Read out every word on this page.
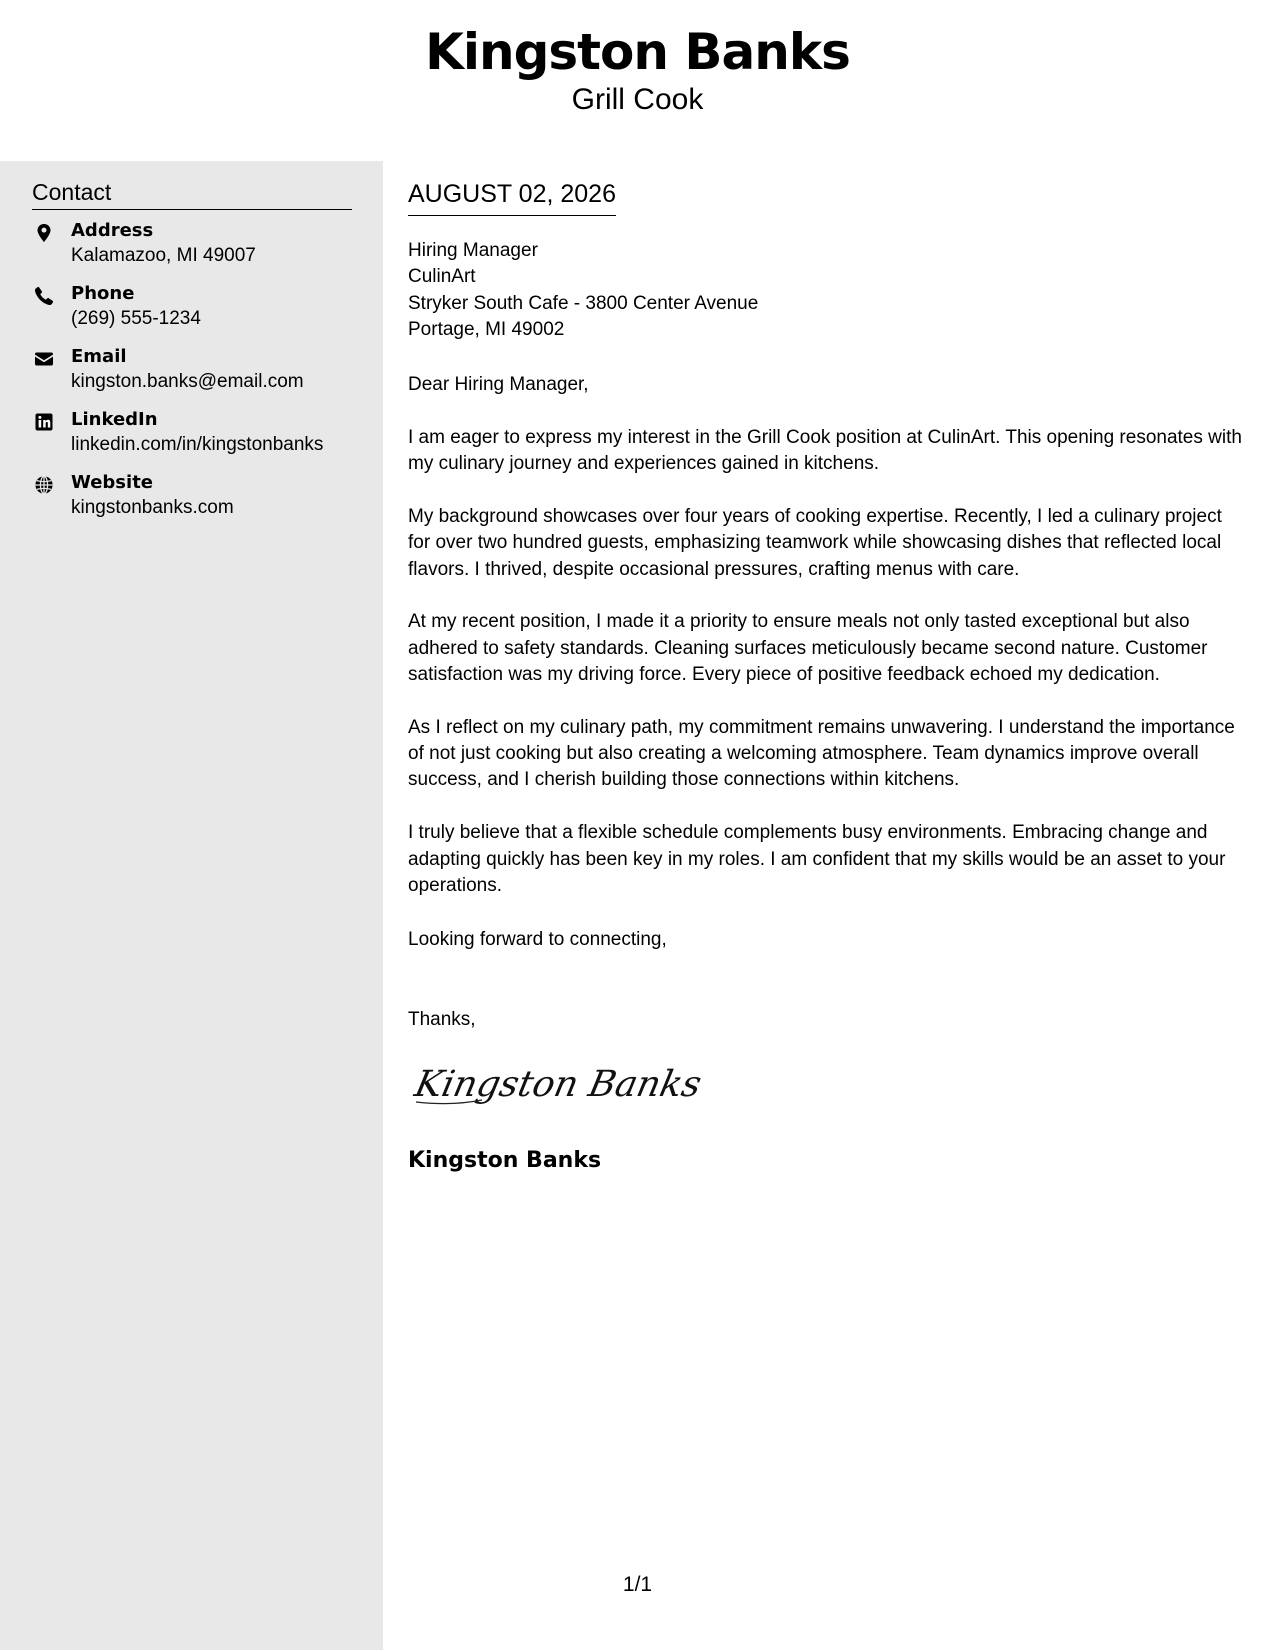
Kingston Banks
Grill Cook
Contact
Address
Kalamazoo, MI 49007
Phone
(269) 555-1234
Email
kingston.banks@email.com
LinkedIn
linkedin.com/in/kingstonbanks
Website
kingstonbanks.com
AUGUST 02, 2026
Hiring Manager
CulinArt
Stryker South Cafe - 3800 Center Avenue
Portage, MI 49002
Dear Hiring Manager,

I am eager to express my interest in the Grill Cook position at CulinArt. This opening resonates with my culinary journey and experiences gained in kitchens.

My background showcases over four years of cooking expertise. Recently, I led a culinary project for over two hundred guests, emphasizing teamwork while showcasing dishes that reflected local flavors. I thrived, despite occasional pressures, crafting menus with care.

At my recent position, I made it a priority to ensure meals not only tasted exceptional but also adhered to safety standards. Cleaning surfaces meticulously became second nature. Customer satisfaction was my driving force. Every piece of positive feedback echoed my dedication.

As I reflect on my culinary path, my commitment remains unwavering. I understand the importance of not just cooking but also creating a welcoming atmosphere. Team dynamics improve overall success, and I cherish building those connections within kitchens.

I truly believe that a flexible schedule complements busy environments. Embracing change and adapting quickly has been key in my roles. I am confident that my skills would be an asset to your operations.

Looking forward to connecting,
Thanks,
Kingston Banks
Kingston Banks
1/1
